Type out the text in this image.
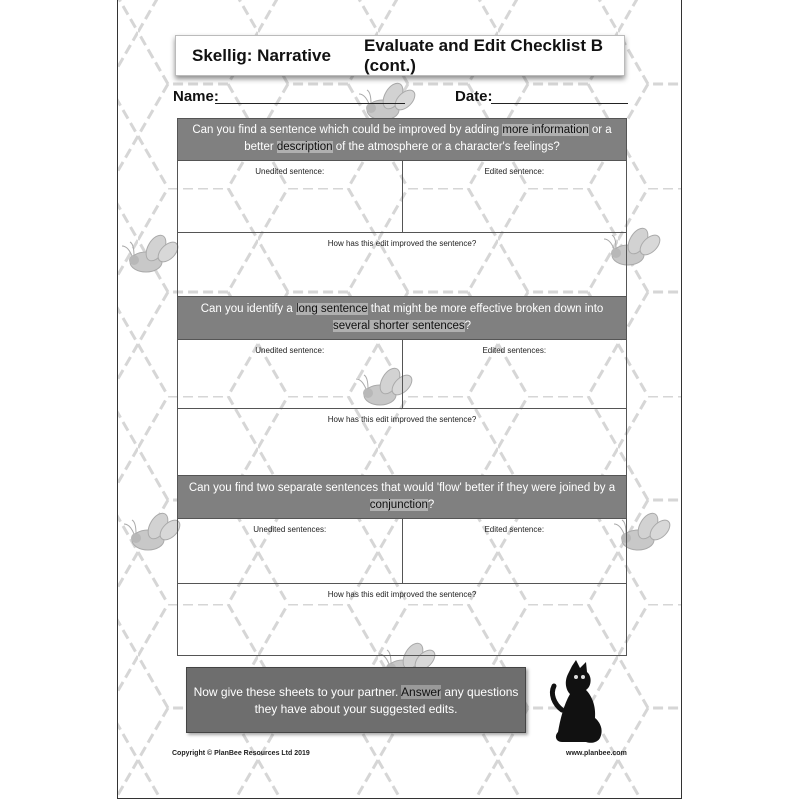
Skellig: Narrative
Evaluate and Edit Checklist B (cont.)
Name:	Date:
Can you find a sentence which could be improved by adding more information or a better description of the atmosphere or a character's feelings?
Unedited sentence:	Edited sentence:
How has this edit improved the sentence?
Can you identify a long sentence that might be more effective broken down into several shorter sentences?
Unedited sentence:	Edited sentences:
How has this edit improved the sentence?
Can you find two separate sentences that would 'flow' better if they were joined by a conjunction?
Unedited sentences:	Edited sentence:
How has this edit improved the sentence?
Now give these sheets to your partner. Answer any questions they have about your suggested edits.
Copyright © PlanBee Resources Ltd 2019	www.planbee.com
